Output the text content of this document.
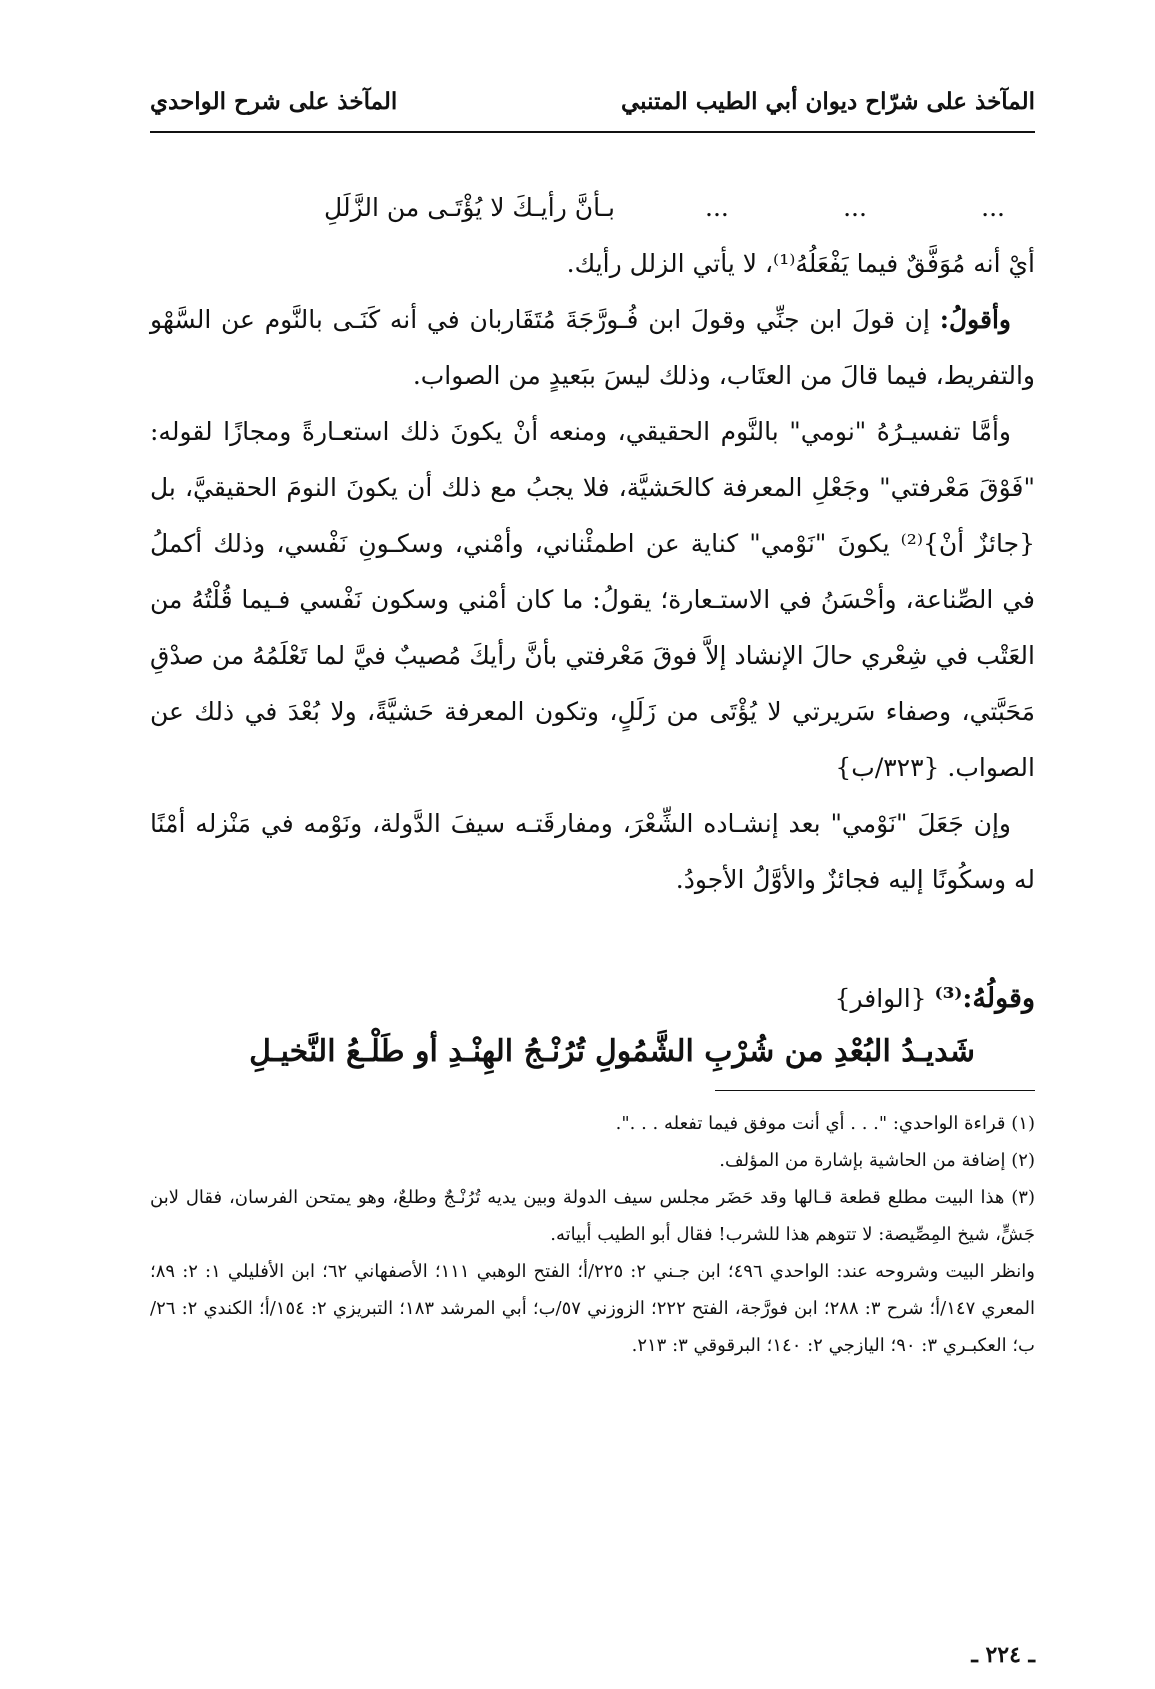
المآخذ على شرّاح ديوان أبي الطيب المتنبي
المآخذ على شرح الواحدي
...
...
...
بـأنَّ رأيـكَ لا يُؤْتَـى من الزَّلَلِ

أيْ أنه مُوَفَّقٌ فيما يَفْعَلُهُ⁽¹⁾، لا يأتي الزلل رأيك.

وأقولُ: إن قولَ ابن جنِّي وقولَ ابن فُـورَّجَةَ مُتَقَاربان في أنه كَنَـى بالنَّوم عن السَّهْو والتفريط، فيما قالَ من العتَاب، وذلك ليسَ ببَعيدٍ من الصواب.

وأمَّا تفسيـرُهُ "نومي" بالنَّوم الحقيقي، ومنعه أنْ يكونَ ذلك استعـارةً ومجازًا لقوله: "فَوْقَ مَعْرفتي" وجَعْلِ المعرفة كالحَشيَّة، فلا يجبُ مع ذلك أن يكونَ النومَ الحقيقيَّ، بل {جائزٌ أنْ}⁽²⁾ يكونَ "نَوْمي" كناية عن اطمئْناني، وأمْني، وسكـونِ نَفْسي، وذلك أكملُ في الصِّناعة، وأحْسَنُ في الاستـعارة؛ يقولُ: ما كان أمْني وسكون نَفْسي فـيما قُلْتُهُ من العَتْب في شِعْري حالَ الإنشاد إلاَّ فوقَ مَعْرفتي بأنَّ رأيكَ مُصيبٌ فيَّ لما تَعْلَمُهُ من صدْقِ مَحَبَّتي، وصفاء سَريرتي لا يُؤْتَى من زَلَلٍ، وتكون المعرفة حَشيَّةً، ولا بُعْدَ في ذلك عن الصواب. {٣٢٣/ب}

وإن جَعَلَ "نَوْمي" بعد إنشـاده الشِّعْرَ، ومفارقَتـه سيفَ الدَّولة، ونَوْمه في مَنْزله أمْنًا له وسكُونًا إليه فجائزٌ والأوَّلُ الأجودُ.

وقولُهُ:⁽³⁾ {الوافر}
شَديـدُ البُعْدِ من شُرْبِ الشَّمُولِ
تُرُنْـجُ الهِنْـدِ أو طَلْـعُ النَّخيـلِ

(١) قراءة الواحدي: ". . . أي أنت موفق فيما تفعله . . .".

(٢) إضافة من الحاشية بإشارة من المؤلف.

(٣) هذا البيت مطلع قطعة قـالها وقد حَضَر مجلس سيف الدولة وبين يديه تُرُنْـجٌ وطلعٌ، وهو يمتحن الفرسان، فقال لابن جَشٍّ، شيخ المِصِّيصة: لا تتوهم هذا للشرب! فقال أبو الطيب أبياته.

وانظر البيت وشروحه عند: الواحدي ٤٩٦؛ ابن جـني ٢: ٢٢٥/أ؛ الفتح الوهبي ١١١؛ الأصفهاني ٦٢؛ ابن الأفليلي ١: ٢: ٨٩؛ المعري ١٤٧/أ؛ شرح ٣: ٢٨٨؛ ابن فورَّجة، الفتح ٢٢٢؛ الزوزني ٥٧/ب؛ أبي المرشد ١٨٣؛ التبريزي ٢: ١٥٤/أ؛ الكندي ٢: ٢٦/ب؛ العكبـري ٣: ٩٠؛ اليازجي ٢: ١٤٠؛ البرقوقي ٣: ٢١٣.

ـ ٢٢٤ ـ
